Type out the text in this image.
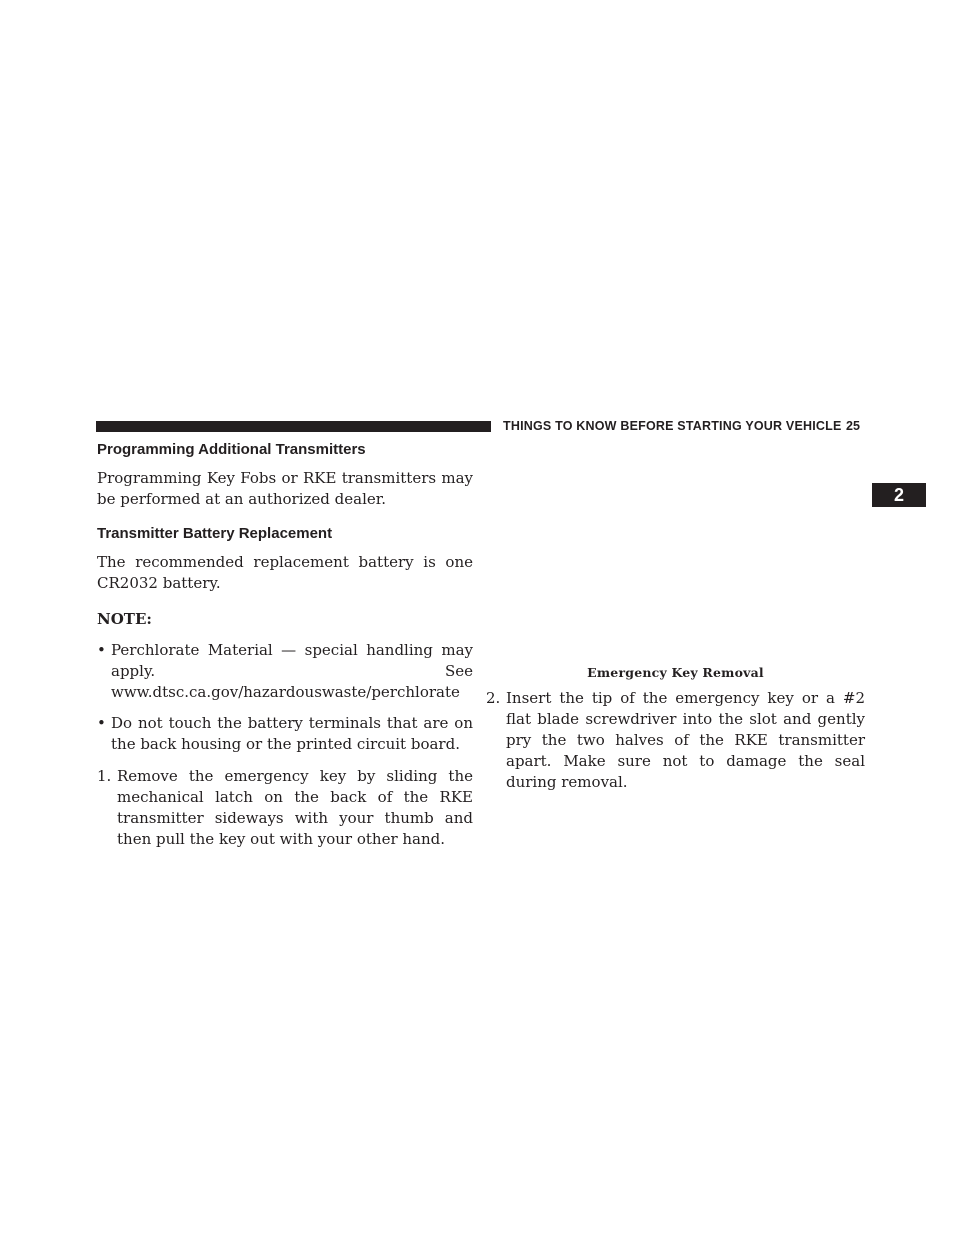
THINGS TO KNOW BEFORE STARTING YOUR VEHICLE 25
2
Programming Additional Transmitters

Programming Key Fobs or RKE transmitters may be performed at an authorized dealer.

Transmitter Battery Replacement

The recommended replacement battery is one CR2032 battery.

NOTE:

• Perchlorate Material — special handling may apply. See www.dtsc.ca.gov/hazardouswaste/perchlorate
• Do not touch the battery terminals that are on the back housing or the printed circuit board.
1. Remove the emergency key by sliding the mechanical latch on the back of the RKE transmitter sideways with your thumb and then pull the key out with your other hand.
Emergency Key Removal
2. Insert the tip of the emergency key or a #2 flat blade screwdriver into the slot and gently pry the two halves of the RKE transmitter apart. Make sure not to damage the seal during removal.
